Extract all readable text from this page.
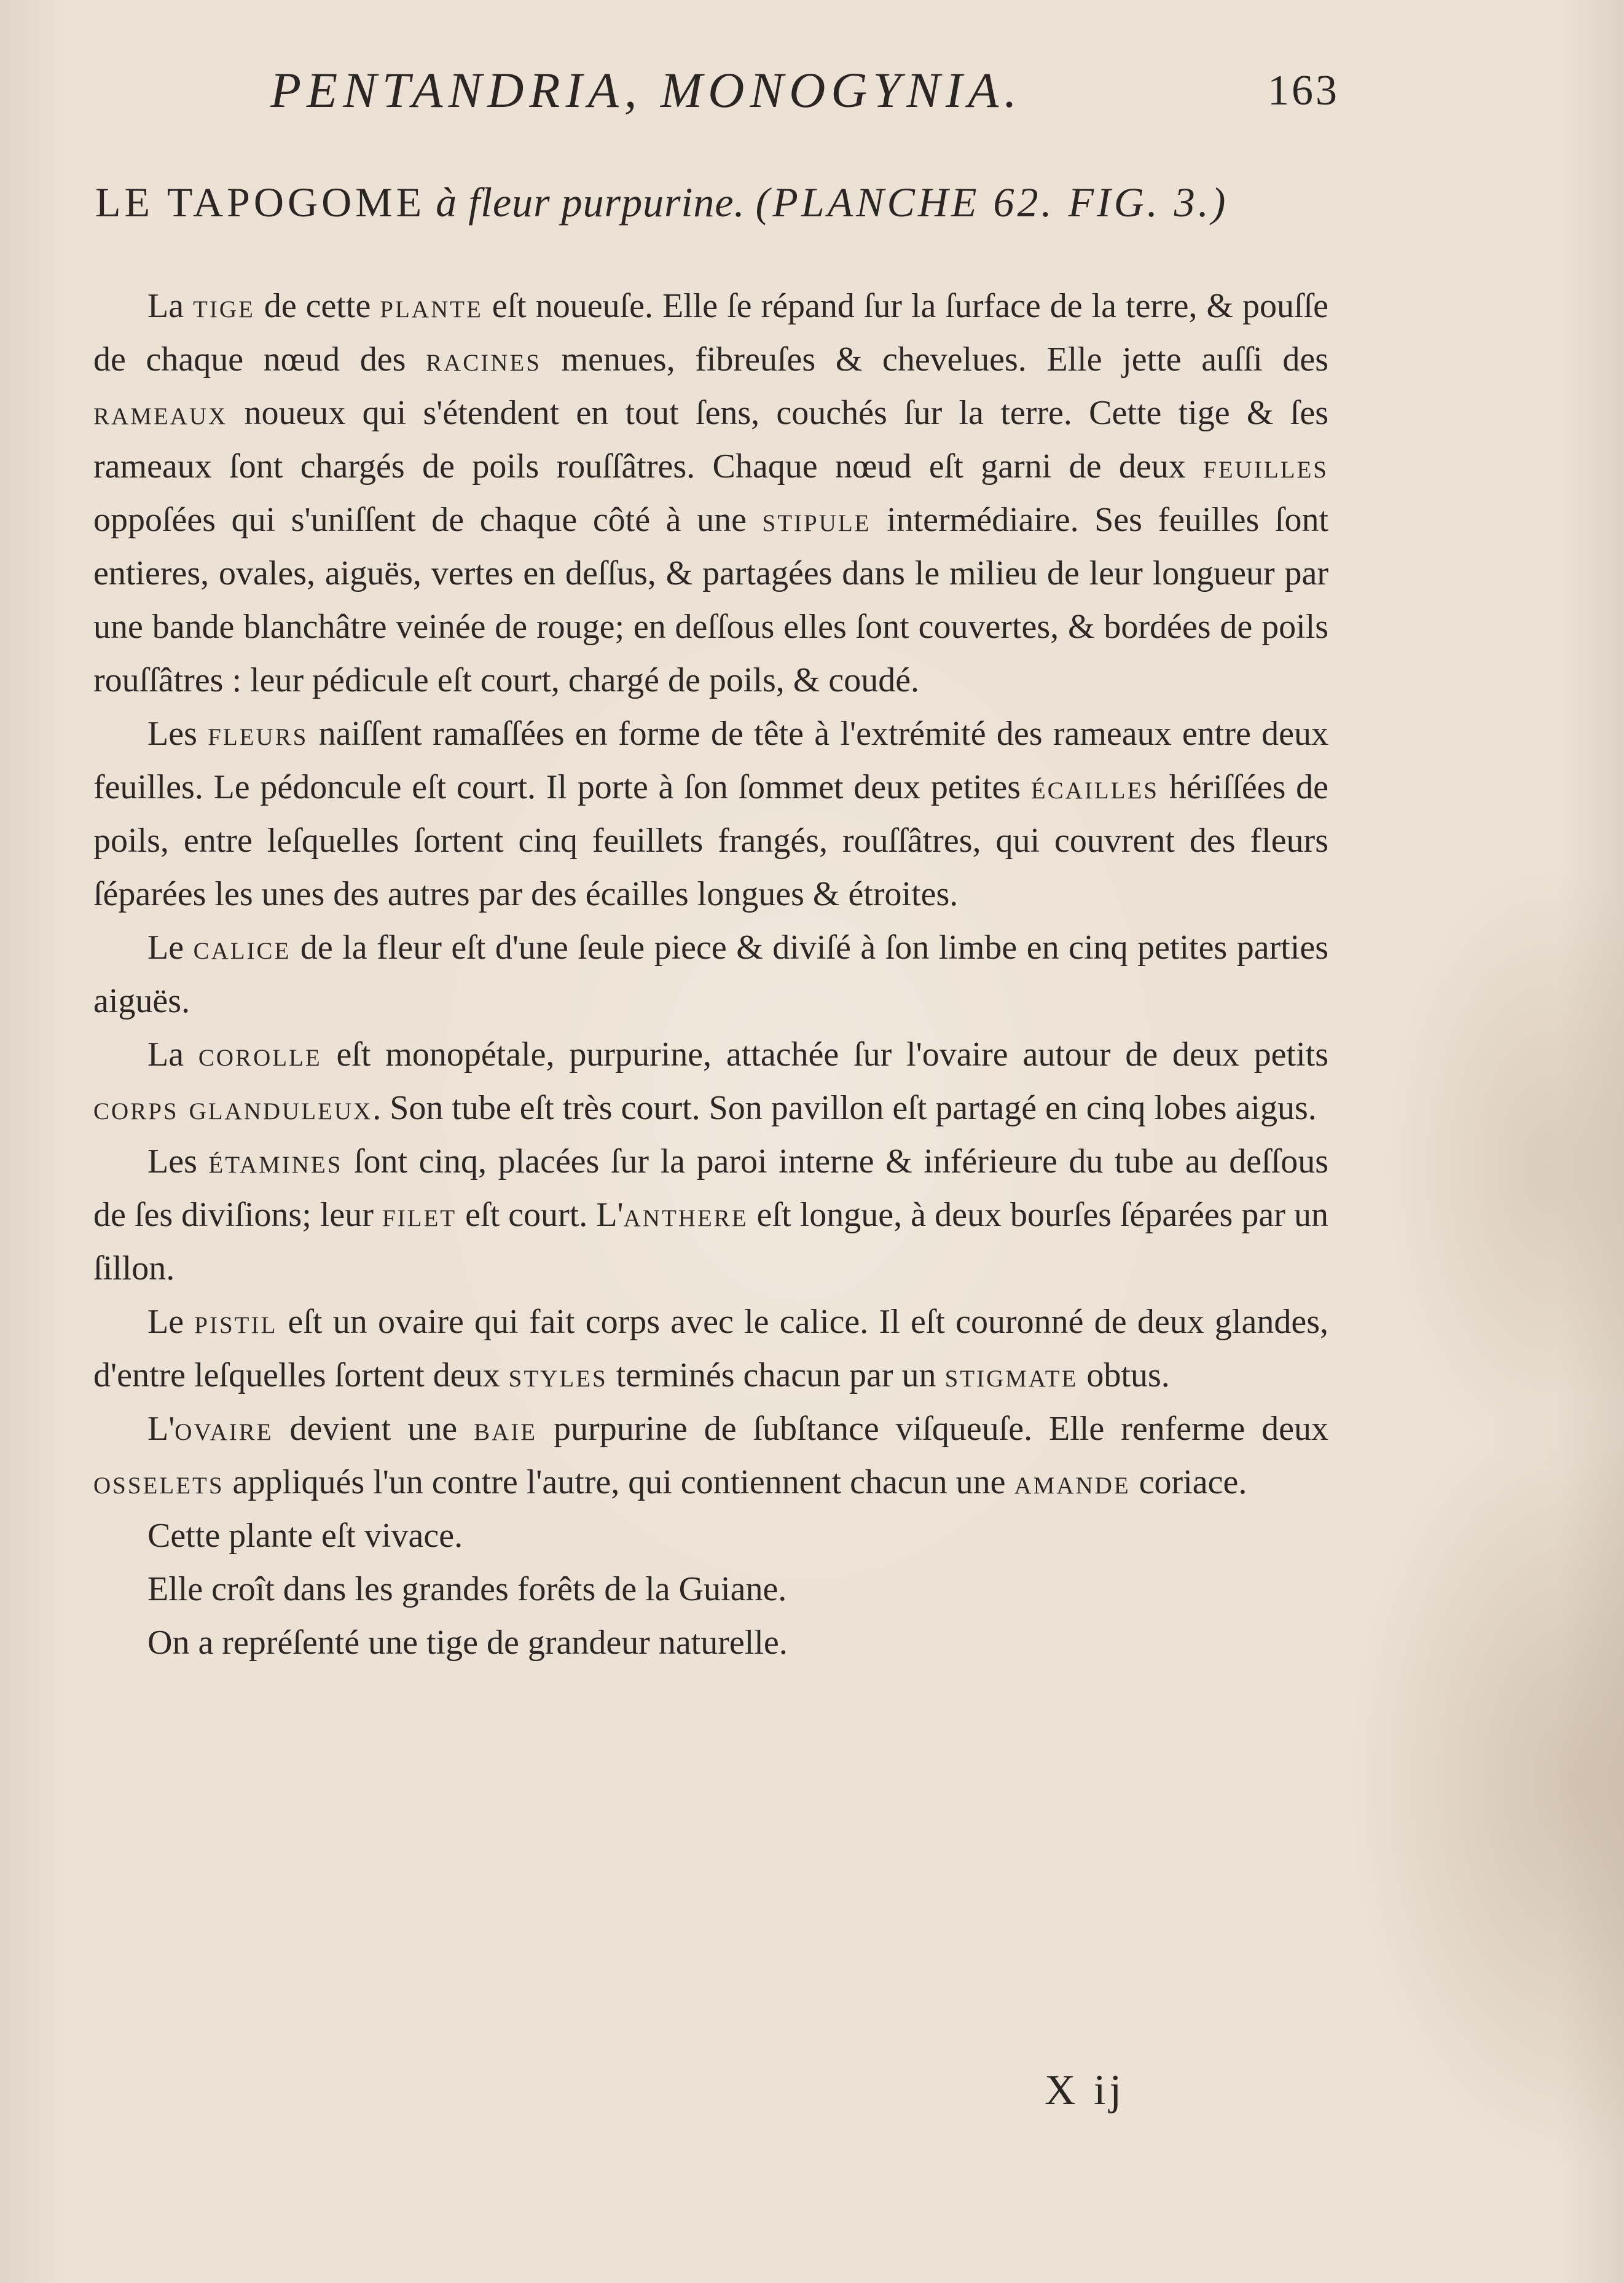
PENTANDRIA, MONOGYNIA.	163
LE TAPOGOME à fleur purpurine. (PLANCHE 62. FIG. 3.)

La tige de cette plante eſt noueuſe. Elle ſe répand ſur la ſurface de la terre, & pouſſe de chaque nœud des racines menues, fibreuſes & chevelues. Elle jette auſſi des rameaux noueux qui s'étendent en tout ſens, couchés ſur la terre. Cette tige & ſes rameaux ſont chargés de poils rouſſâtres. Chaque nœud eſt garni de deux feuilles oppoſées qui s'uniſſent de chaque côté à une stipule intermédiaire. Ses feuilles ſont entieres, ovales, aiguës, vertes en deſſus, & partagées dans le milieu de leur longueur par une bande blanchâtre veinée de rouge; en deſſous elles ſont couvertes, & bordées de poils rouſſâtres : leur pédicule eſt court, chargé de poils, & coudé.

Les fleurs naiſſent ramaſſées en forme de tête à l'extrémité des rameaux entre deux feuilles. Le pédoncule eſt court. Il porte à ſon ſommet deux petites écailles hériſſées de poils, entre leſquelles ſortent cinq feuillets frangés, rouſſâtres, qui couvrent des fleurs ſéparées les unes des autres par des écailles longues & étroites.

Le calice de la fleur eſt d'une ſeule piece & diviſé à ſon limbe en cinq petites parties aiguës.

La corolle eſt monopétale, purpurine, attachée ſur l'ovaire autour de deux petits corps glanduleux. Son tube eſt très court. Son pavillon eſt partagé en cinq lobes aigus.

Les étamines ſont cinq, placées ſur la paroi interne & inférieure du tube au deſſous de ſes diviſions; leur filet eſt court. L'anthere eſt longue, à deux bourſes ſéparées par un ſillon.

Le pistil eſt un ovaire qui fait corps avec le calice. Il eſt couronné de deux glandes, d'entre leſquelles ſortent deux styles terminés chacun par un stigmate obtus.

L'ovaire devient une baie purpurine de ſubſtance viſqueuſe. Elle renferme deux osselets appliqués l'un contre l'autre, qui contiennent chacun une amande coriace.

Cette plante eſt vivace.

Elle croît dans les grandes forêts de la Guiane.

On a repréſenté une tige de grandeur naturelle.

X ij
